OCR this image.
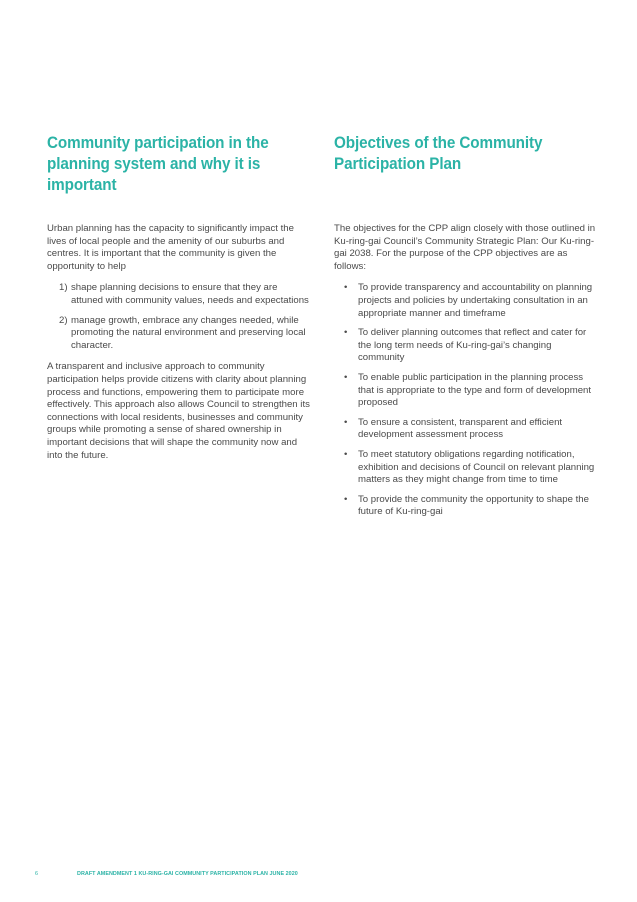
Community participation in the planning system and why it is important

Urban planning has the capacity to significantly impact the lives of local people and the amenity of our suburbs and centres. It is important that the community is given the opportunity to help

1) shape planning decisions to ensure that they are attuned with community values, needs and expectations
2) manage growth, embrace any changes needed, while promoting the natural environment and preserving local character.

A transparent and inclusive approach to community participation helps provide citizens with clarity about planning process and functions, empowering them to participate more effectively. This approach also allows Council to strengthen its connections with local residents, businesses and community groups while promoting a sense of shared ownership in important decisions that will shape the community now and into the future.

Objectives of the Community Participation Plan

The objectives for the CPP align closely with those outlined in Ku-ring-gai Council’s Community Strategic Plan: Our Ku-ring-gai 2038. For the purpose of the CPP objectives are as follows:

• To provide transparency and accountability on planning projects and policies by undertaking consultation in an appropriate manner and timeframe
• To deliver planning outcomes that reflect and cater for the long term needs of Ku-ring-gai’s changing community
• To enable public participation in the planning process that is appropriate to the type and form of development proposed
• To ensure a consistent, transparent and efficient development assessment process
• To meet statutory obligations regarding notification, exhibition and decisions of Council on relevant planning matters as they might change from time to time
• To provide the community the opportunity to shape the future of Ku-ring-gai
6	DRAFT AMENDMENT 1 KU-RING-GAI COMMUNITY PARTICIPATION PLAN JUNE 2020
